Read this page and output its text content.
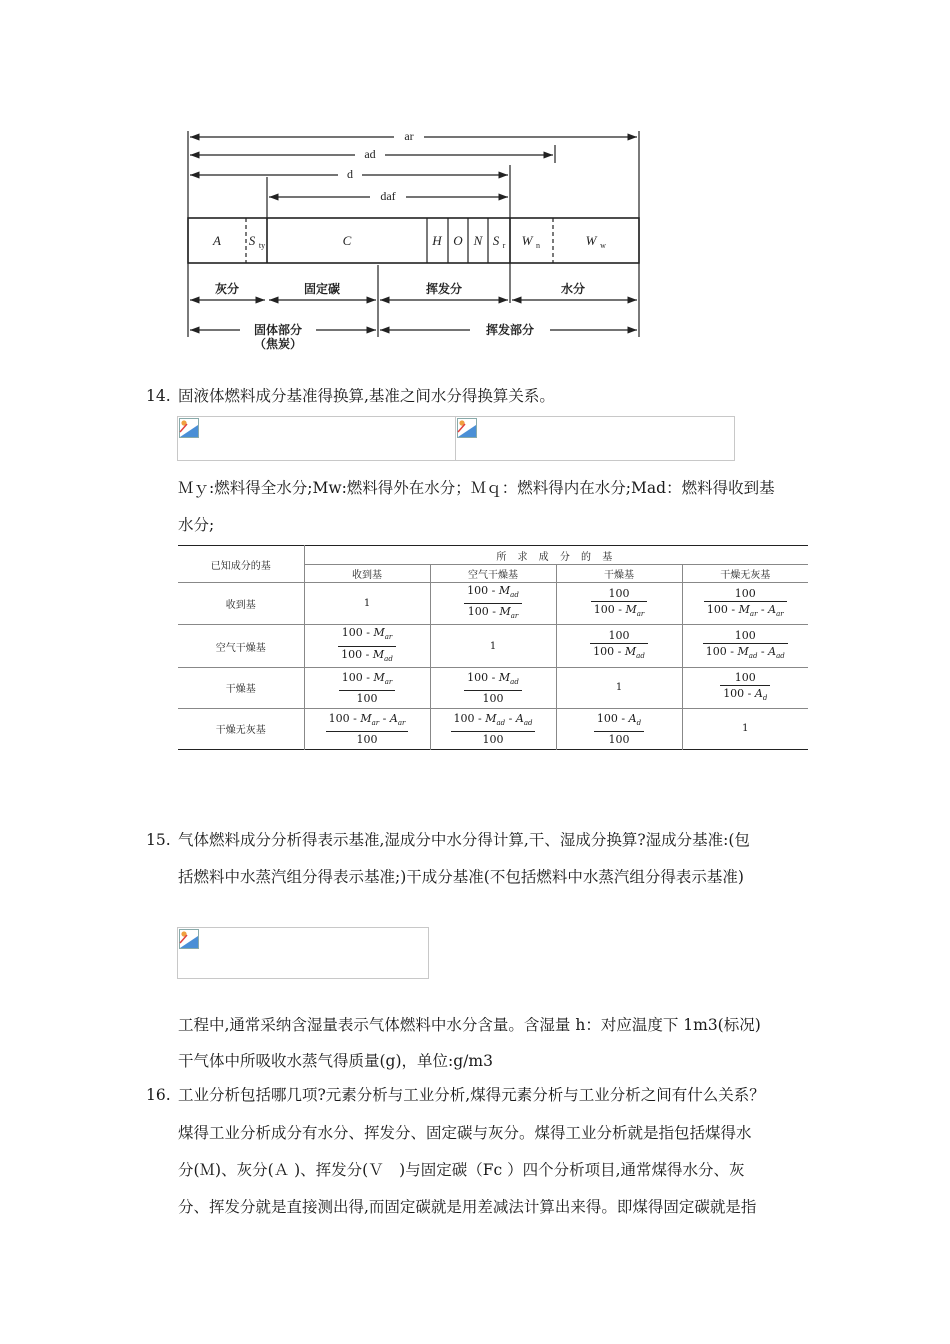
ar
ad
d
daf
A S ty	C	H O N S r W n	W w
灰分	固定碳	挥发分	水分
固体部分
（焦炭）
挥发部分
14. 固液体燃料成分基准得换算,基准之间水分得换算关系。
Ｍｙ:燃料得全水分;Mw:燃料得外在水分；Ｍｑ：燃料得内在水分;Mad：燃料得收到基
水分;
已知成分的基	所 求 成 分 的 基			
	收到基	空气干燥基	干燥基	干燥无灰基
收到基	1	$\frac{100 - M_{ad}}{100 - M_{ar}}$	$\frac{100}{100 - M_{ar}}$	$\frac{100}{100 - M_{ar} - A_{ar}}$

空气干燥基	$\frac{100 - M_{ar}}{100 - M_{ad}}$	1	$\frac{100}{100 - M_{ad}}$	$\frac{100}{100 - M_{ad} - A_{ad}}$

干燥基	$\frac{100 - M_{ar}}{100}$	$\frac{100 - M_{ad}}{100}$	1	$\frac{100}{100 - A_d}$

干燥无灰基	$\frac{100 - M_{ar} - A_{ar}}{100}$	$\frac{100 - M_{ad} - A_{ad}}{100}$	$\frac{100 - A_d}{100}$	1
15. 气体燃料成分分析得表示基准,湿成分中水分得计算,干、湿成分换算?湿成分基准:(包
括燃料中水蒸汽组分得表示基准;)干成分基准(不包括燃料中水蒸汽组分得表示基准)
工程中,通常采纳含湿量表示气体燃料中水分含量。含湿量 h：对应温度下 1m3(标况)
干气体中所吸收水蒸气得质量(g)，单位:g/m3
16. 工业分析包括哪几项?元素分析与工业分析,煤得元素分析与工业分析之间有什么关系？
煤得工业分析成分有水分、挥发分、固定碳与灰分。煤得工业分析就是指包括煤得水
分(Ｍ)、灰分(Ａ )、挥发分(Ｖ　)与固定碳（Fc ）四个分析项目,通常煤得水分、灰
分、挥发分就是直接测出得,而固定碳就是用差减法计算出来得。即煤得固定碳就是指
